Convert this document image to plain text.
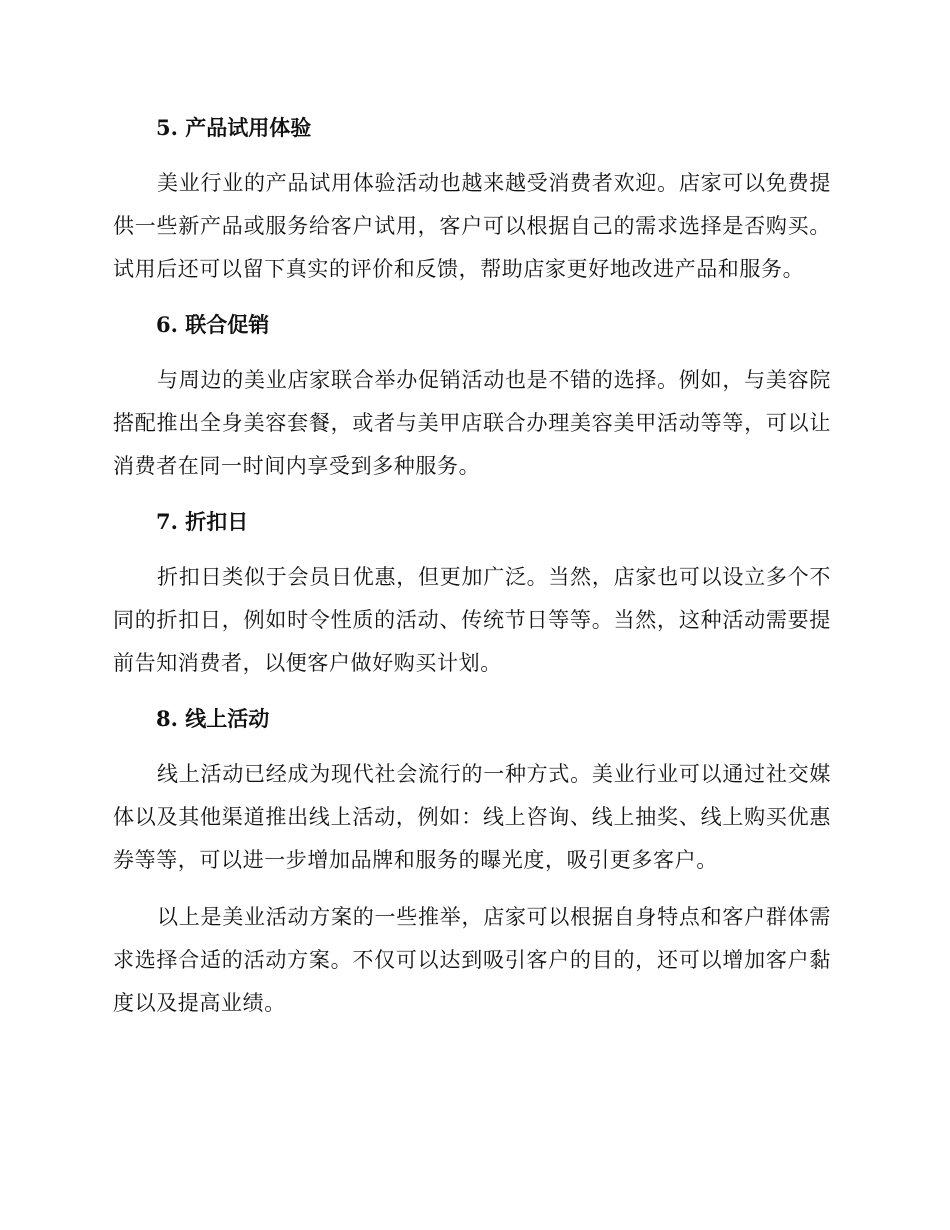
5. 产品试用体验

美业行业的产品试用体验活动也越来越受消费者欢迎。店家可以免费提供一些新产品或服务给客户试用，客户可以根据自己的需求选择是否购买。试用后还可以留下真实的评价和反馈，帮助店家更好地改进产品和服务。

6. 联合促销

与周边的美业店家联合举办促销活动也是不错的选择。例如，与美容院搭配推出全身美容套餐，或者与美甲店联合办理美容美甲活动等等，可以让消费者在同一时间内享受到多种服务。

7. 折扣日

折扣日类似于会员日优惠，但更加广泛。当然，店家也可以设立多个不同的折扣日，例如时令性质的活动、传统节日等等。当然，这种活动需要提前告知消费者，以便客户做好购买计划。

8. 线上活动

线上活动已经成为现代社会流行的一种方式。美业行业可以通过社交媒体以及其他渠道推出线上活动，例如：线上咨询、线上抽奖、线上购买优惠券等等，可以进一步增加品牌和服务的曝光度，吸引更多客户。

以上是美业活动方案的一些推举，店家可以根据自身特点和客户群体需求选择合适的活动方案。不仅可以达到吸引客户的目的，还可以增加客户黏度以及提高业绩。
